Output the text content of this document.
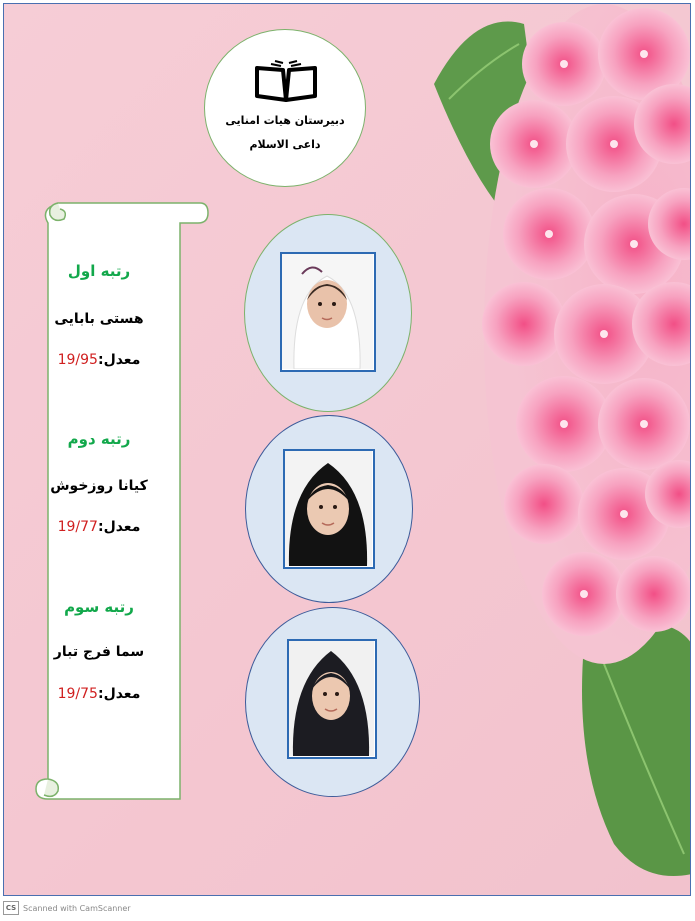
دبیرستان هیات امنایی
داعی الاسلام
رتبه اول
هستی بابایی
معدل:19/95
رتبه دوم
کیانا روزخوش
معدل:19/77
رتبه سوم
سما فرج تبار
معدل:19/75
CS Scanned with CamScanner
